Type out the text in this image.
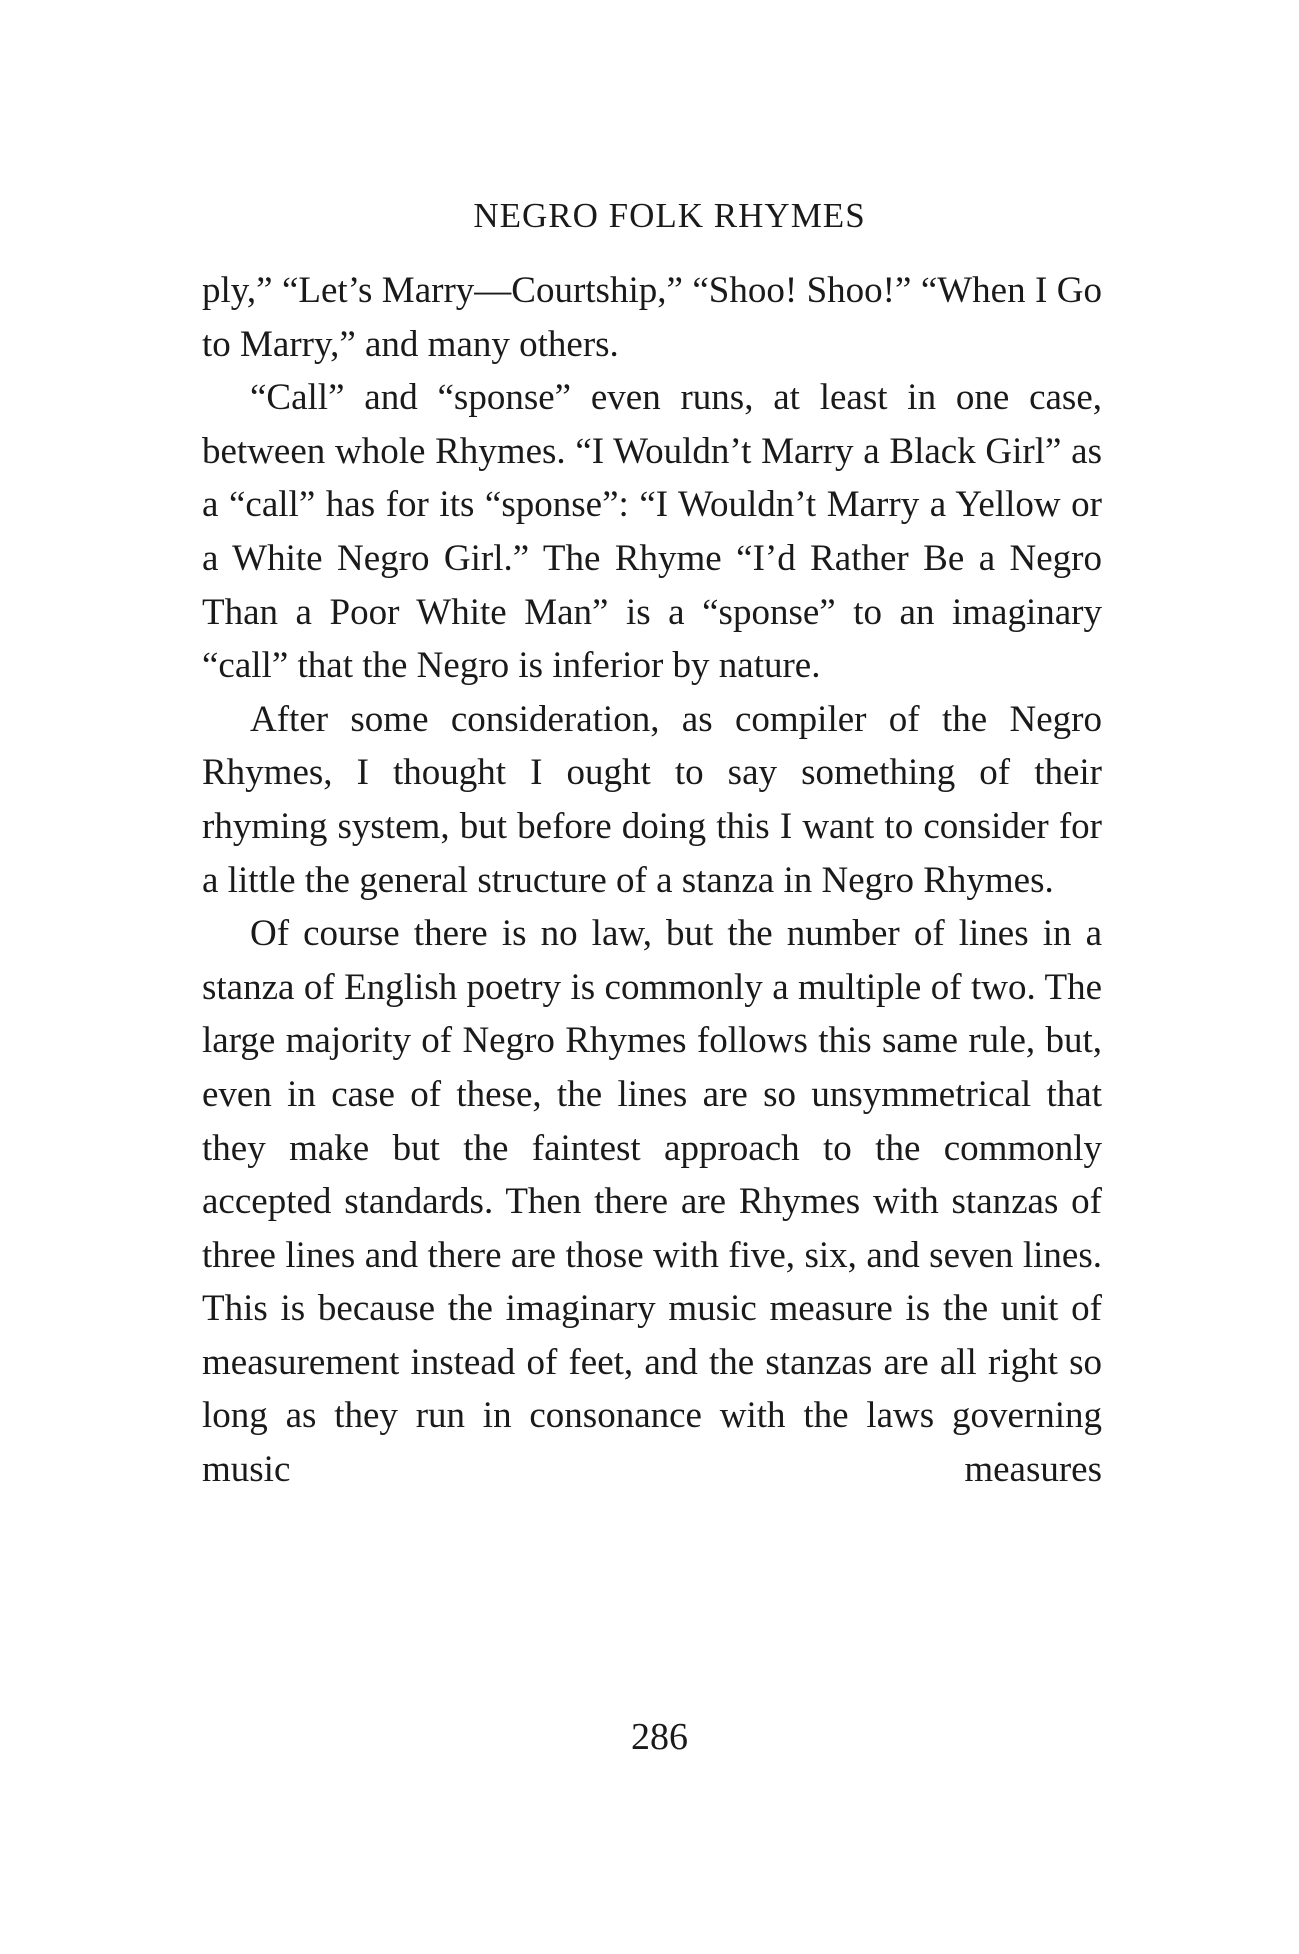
NEGRO FOLK RHYMES

ply,” “Let’s Marry—Courtship,” “Shoo! Shoo!” “When I Go to Marry,” and many others.

“Call” and “sponse” even runs, at least in one case, between whole Rhymes. “I Wouldn’t Marry a Black Girl” as a “call” has for its “sponse”: “I Wouldn’t Marry a Yellow or a White Negro Girl.” The Rhyme “I’d Rather Be a Negro Than a Poor White Man” is a “sponse” to an imaginary “call” that the Negro is inferior by nature.

After some consideration, as compiler of the Negro Rhymes, I thought I ought to say something of their rhyming system, but before doing this I want to consider for a little the general structure of a stanza in Negro Rhymes.

Of course there is no law, but the number of lines in a stanza of English poetry is commonly a multiple of two. The large majority of Negro Rhymes follows this same rule, but, even in case of these, the lines are so unsymmetrical that they make but the faintest approach to the commonly accepted standards. Then there are Rhymes with stanzas of three lines and there are those with five, six, and seven lines. This is because the imaginary music measure is the unit of measurement instead of feet, and the stanzas are all right so long as they run in consonance with the laws governing music measures

286
